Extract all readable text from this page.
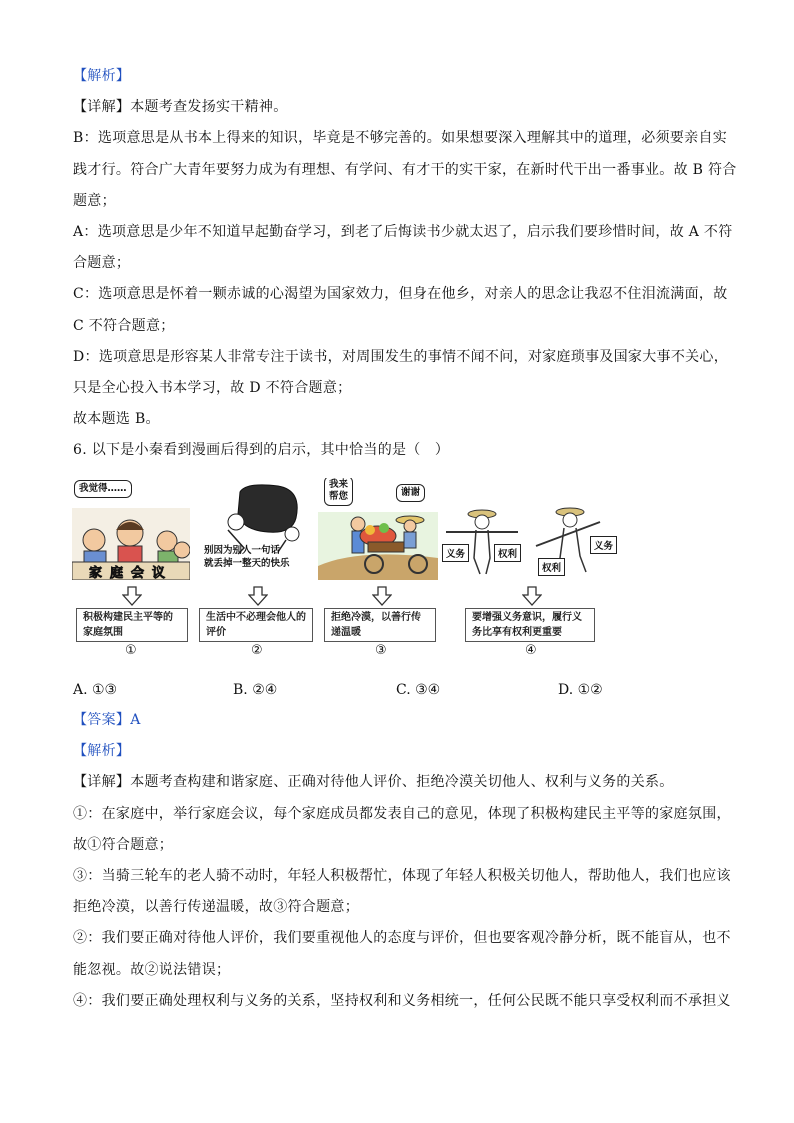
【解析】
【详解】本题考查发扬实干精神。
B：选项意思是从书本上得来的知识，毕竟是不够完善的。如果想要深入理解其中的道理，必须要亲自实
践才行。符合广大青年要努力成为有理想、有学问、有才干的实干家，在新时代干出一番事业。故 B 符合
题意；
A：选项意思是少年不知道早起勤奋学习，到老了后悔读书少就太迟了，启示我们要珍惜时间，故 A 不符
合题意；
C：选项意思是怀着一颗赤诚的心渴望为国家效力，但身在他乡，对亲人的思念让我忍不住泪流满面，故
C 不符合题意；
D：选项意思是形容某人非常专注于读书，对周围发生的事情不闻不问，对家庭琐事及国家大事不关心，
只是全心投入书本学习，故 D 不符合题意；
故本题选 B。
6. 以下是小秦看到漫画后得到的启示，其中恰当的是（　）
我觉得……
家庭会议
别因为别人一句话
就丢掉一整天的快乐
我来
帮您	谢谢
义务	权利
权利
义务
积极构建民主平等的家庭氛围
生活中不必理会他人的评价
拒绝冷漠，以善行传递温暖
要增强义务意识，履行义务比享有权利更重要
①	②	③	④
A. ①③	B. ②④	C. ③④	D. ①②
【答案】A
【解析】
【详解】本题考查构建和谐家庭、正确对待他人评价、拒绝冷漠关切他人、权利与义务的关系。
①：在家庭中，举行家庭会议，每个家庭成员都发表自己的意见，体现了积极构建民主平等的家庭氛围，
故①符合题意；
③：当骑三轮车的老人骑不动时，年轻人积极帮忙，体现了年轻人积极关切他人，帮助他人，我们也应该
拒绝冷漠，以善行传递温暖，故③符合题意；
②：我们要正确对待他人评价，我们要重视他人的态度与评价，但也要客观冷静分析，既不能盲从，也不
能忽视。故②说法错误；
④：我们要正确处理权利与义务的关系，坚持权利和义务相统一，任何公民既不能只享受权利而不承担义
